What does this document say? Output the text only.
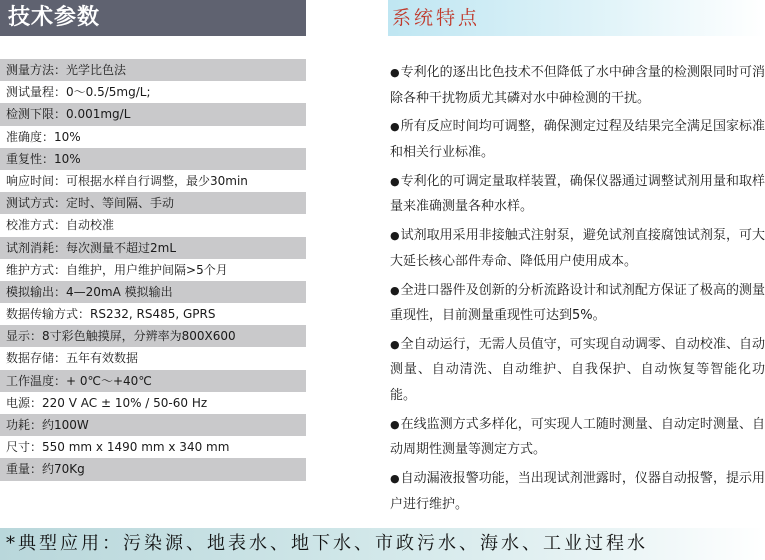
技术参数
测量方法：光学比色法
测试量程：0～0.5/5mg/L;
检测下限：0.001mg/L
准确度：10%
重复性：10%
响应时间：可根据水样自行调整，最少30min
测试方式：定时、等间隔、手动
校准方式：自动校准
试剂消耗：每次测量不超过2mL
维护方式：自维护，用户维护间隔>5个月
模拟输出：4—20mA 模拟输出
数据传输方式：RS232, RS485, GPRS
显示：8寸彩色触摸屏，分辨率为800X600
数据存储：五年有效数据
工作温度：+ 0℃～+40℃
电源：220 V AC ± 10% / 50-60 Hz
功耗：约100W
尺寸：550 mm x 1490 mm x 340 mm
重量：约70Kg
系统特点
●专利化的逐出比色技术不但降低了水中砷含量的检测限同时可消除各种干扰物质尤其磷对水中砷检测的干扰。
●所有反应时间均可调整，确保测定过程及结果完全满足国家标准和相关行业标准。
●专利化的可调定量取样装置，确保仪器通过调整试剂用量和取样量来准确测量各种水样。
●试剂取用采用非接触式注射泵，避免试剂直接腐蚀试剂泵，可大大延长核心部件寿命、降低用户使用成本。
●全进口器件及创新的分析流路设计和试剂配方保证了极高的测量重现性，目前测量重现性可达到5%。
●全自动运行，无需人员值守，可实现自动调零、自动校准、自动测量、自动清洗、自动维护、自我保护、自动恢复等智能化功能。
●在线监测方式多样化，可实现人工随时测量、自动定时测量、自动周期性测量等测定方式。
●自动漏液报警功能，当出现试剂泄露时，仪器自动报警，提示用户进行维护。
*典型应用：污染源、地表水、地下水、市政污水、海水、工业过程水
